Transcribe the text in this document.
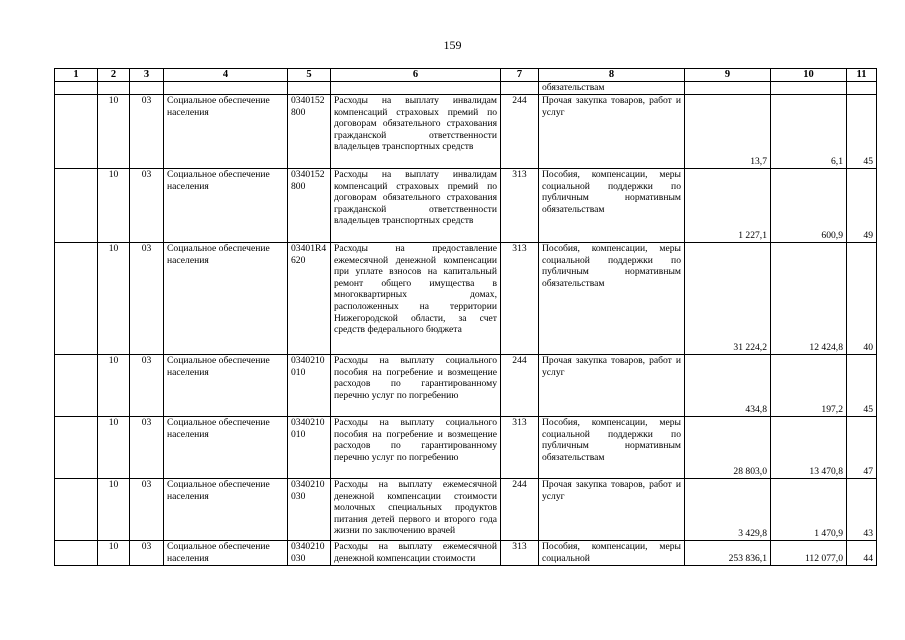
159
1	2	3	4	5	6	7	8	9	10	11
							обязательствам			
	10	03	Социальное обеспечение населения	0340152800	Расходы на выплату инвалидам компенсаций страховых премий по договорам обязательного страхования гражданской ответственности владельцев транспортных средств	244	Прочая закупка товаров, работ и услуг	13,7	6,1	45
	10	03	Социальное обеспечение населения	0340152800	Расходы на выплату инвалидам компенсаций страховых премий по договорам обязательного страхования гражданской ответственности владельцев транспортных средств	313	Пособия, компенсации, меры социальной поддержки по публичным нормативным обязательствам	1 227,1	600,9	49
	10	03	Социальное обеспечение населения	03401R4620	Расходы на предоставление ежемесячной денежной компенсации при уплате взносов на капитальный ремонт общего имущества в многоквартирных домах, расположенных на территории Нижегородской области, за счет средств федерального бюджета	313	Пособия, компенсации, меры социальной поддержки по публичным нормативным обязательствам	31 224,2	12 424,8	40
	10	03	Социальное обеспечение населения	0340210010	Расходы на выплату социального пособия на погребение и возмещение расходов по гарантированному перечню услуг по погребению	244	Прочая закупка товаров, работ и услуг	434,8	197,2	45
	10	03	Социальное обеспечение населения	0340210010	Расходы на выплату социального пособия на погребение и возмещение расходов по гарантированному перечню услуг по погребению	313	Пособия, компенсации, меры социальной поддержки по публичным нормативным обязательствам	28 803,0	13 470,8	47
	10	03	Социальное обеспечение населения	0340210030	Расходы на выплату ежемесячной денежной компенсации стоимости молочных специальных продуктов питания детей первого и второго года жизни по заключению врачей	244	Прочая закупка товаров, работ и услуг	3 429,8	1 470,9	43
	10	03	Социальное обеспечение населения	0340210030	Расходы на выплату ежемесячной денежной компенсации стоимости	313	Пособия, компенсации, меры социальной	253 836,1	112 077,0	44
